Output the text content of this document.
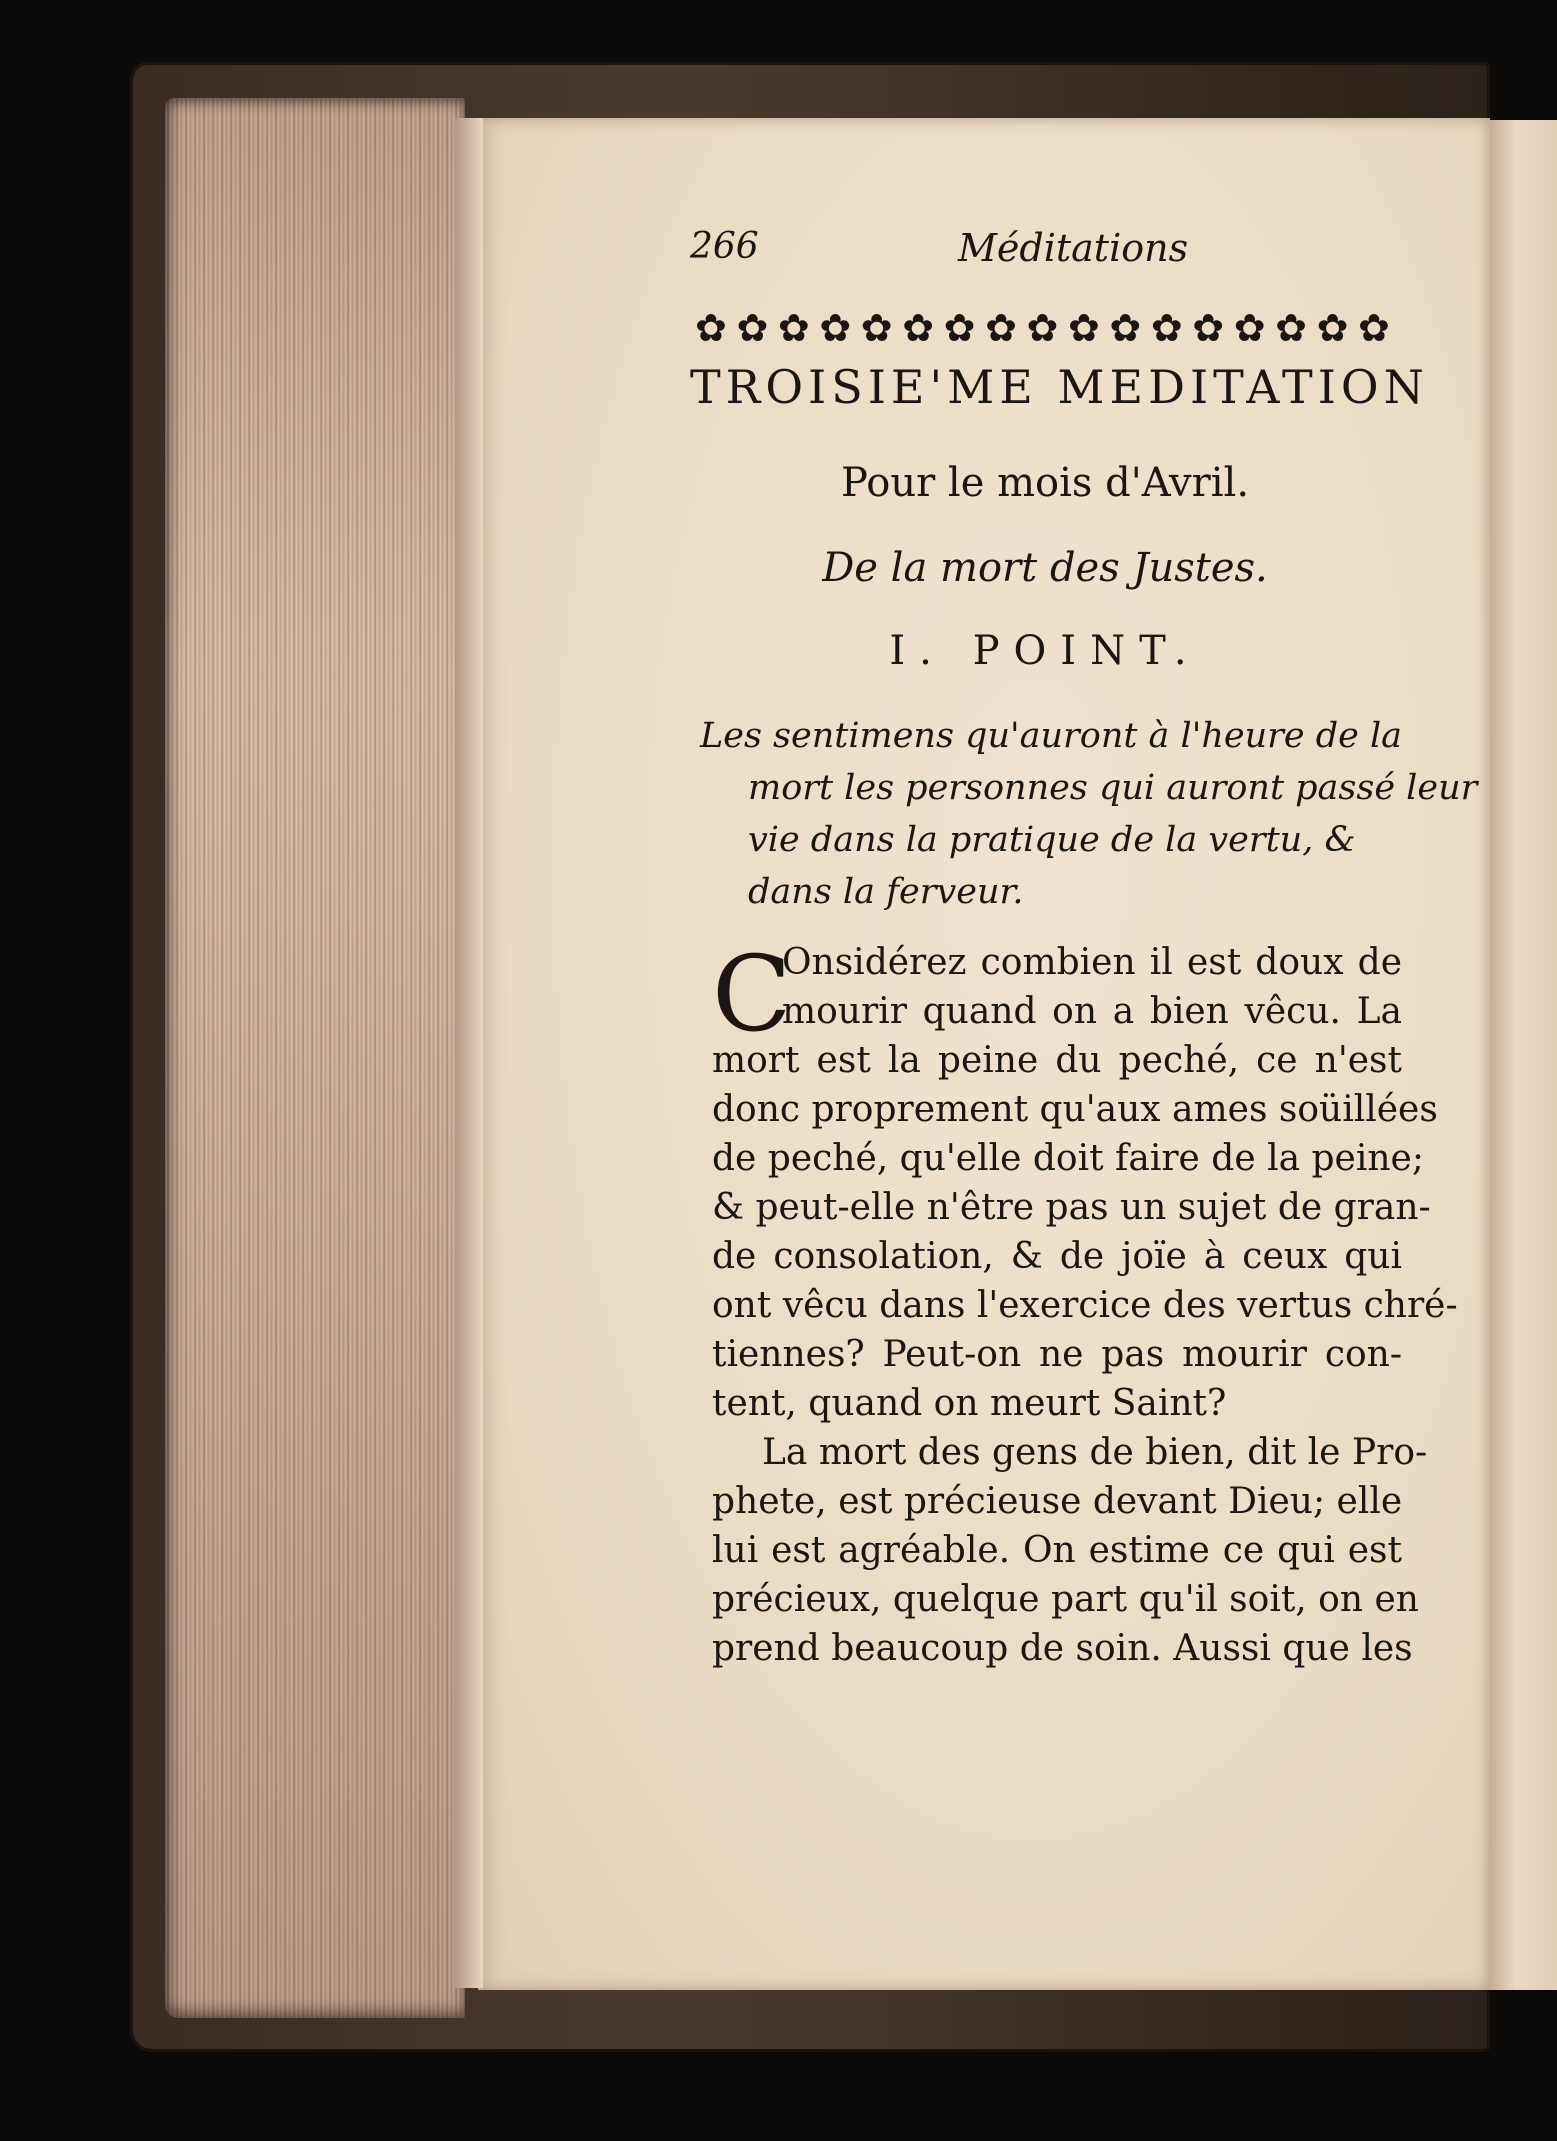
266	Méditations
✿ ✿ ✿ ✿ ✿ ✿ ✿ ✿ ✿ ✿ ✿ ✿ ✿ ✿ ✿ ✿ ✿
TROISIE'ME MEDITATION
Pour le mois d'Avril.
De la mort des Justes.
I. POINT.
Les sentimens qu'auront à l'heure de la
mort les personnes qui auront passé leur
vie dans la pratique de la vertu, &
dans la ferveur.
C
Onsidérez combien il est doux de
mourir quand on a bien vêcu. La
mort est la peine du peché, ce n'est
donc proprement qu'aux ames soüillées
de peché, qu'elle doit faire de la peine;
& peut-elle n'être pas un sujet de gran-
de consolation, & de joïe à ceux qui
ont vêcu dans l'exercice des vertus chré-
tiennes? Peut-on ne pas mourir con-
tent, quand on meurt Saint?
La mort des gens de bien, dit le Pro-
phete, est précieuse devant Dieu; elle
lui est agréable. On estime ce qui est
précieux, quelque part qu'il soit, on en
prend beaucoup de soin. Aussi que les
